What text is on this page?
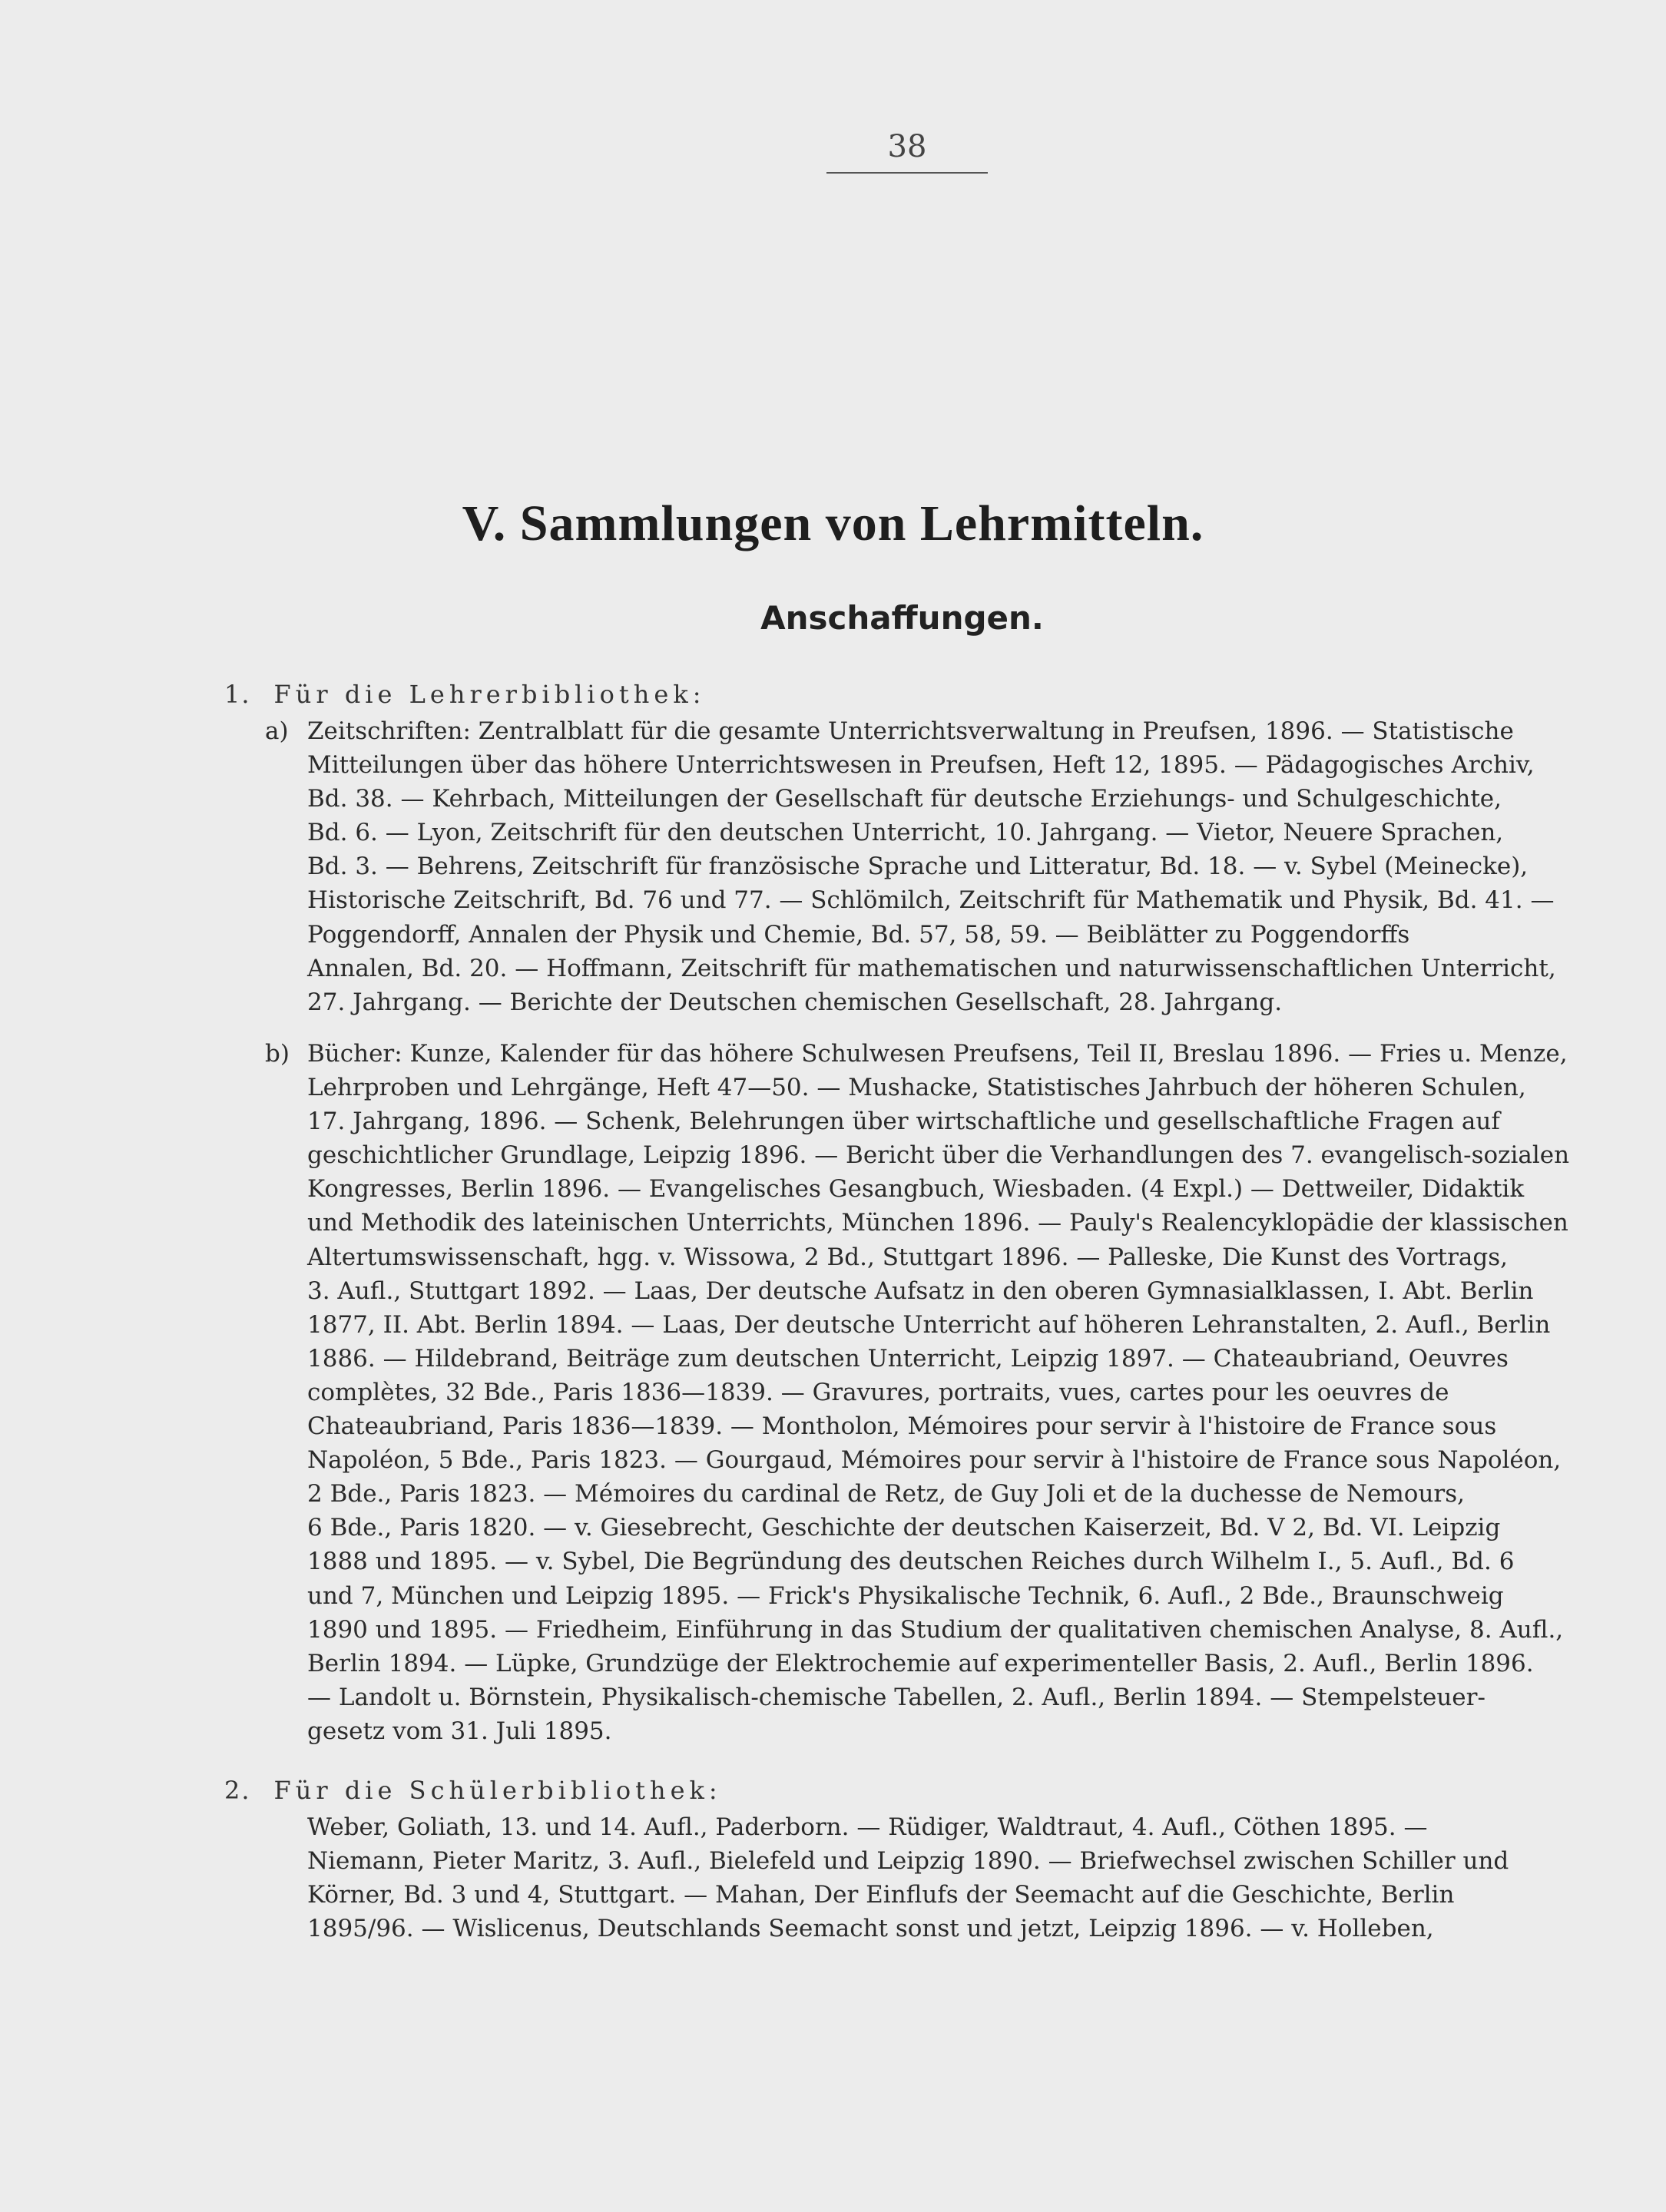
38
V. Sammlungen von Lehrmitteln.
Anschaffungen.
1. Für die Lehrerbibliothek:
a) Zeitschriften: Zentralblatt für die gesamte Unterrichtsverwaltung in Preufsen, 1896. — Statistische
Mitteilungen über das höhere Unterrichtswesen in Preufsen, Heft 12, 1895. — Pädagogisches Archiv,
Bd. 38. — Kehrbach, Mitteilungen der Gesellschaft für deutsche Erziehungs- und Schulgeschichte,
Bd. 6. — Lyon, Zeitschrift für den deutschen Unterricht, 10. Jahrgang. — Vietor, Neuere Sprachen,
Bd. 3. — Behrens, Zeitschrift für französische Sprache und Litteratur, Bd. 18. — v. Sybel (Meinecke),
Historische Zeitschrift, Bd. 76 und 77. — Schlömilch, Zeitschrift für Mathematik und Physik, Bd. 41. —
Poggendorff, Annalen der Physik und Chemie, Bd. 57, 58, 59. — Beiblätter zu Poggendorffs
Annalen, Bd. 20. — Hoffmann, Zeitschrift für mathematischen und naturwissenschaftlichen Unterricht,
27. Jahrgang. — Berichte der Deutschen chemischen Gesellschaft, 28. Jahrgang.
b) Bücher: Kunze, Kalender für das höhere Schulwesen Preufsens, Teil II, Breslau 1896. — Fries u. Menze,
Lehrproben und Lehrgänge, Heft 47—50. — Mushacke, Statistisches Jahrbuch der höheren Schulen,
17. Jahrgang, 1896. — Schenk, Belehrungen über wirtschaftliche und gesellschaftliche Fragen auf
geschichtlicher Grundlage, Leipzig 1896. — Bericht über die Verhandlungen des 7. evangelisch-sozialen
Kongresses, Berlin 1896. — Evangelisches Gesangbuch, Wiesbaden. (4 Expl.) — Dettweiler, Didaktik
und Methodik des lateinischen Unterrichts, München 1896. — Pauly's Realencyklopädie der klassischen
Altertumswissenschaft, hgg. v. Wissowa, 2 Bd., Stuttgart 1896. — Palleske, Die Kunst des Vortrags,
3. Aufl., Stuttgart 1892. — Laas, Der deutsche Aufsatz in den oberen Gymnasialklassen, I. Abt. Berlin
1877, II. Abt. Berlin 1894. — Laas, Der deutsche Unterricht auf höheren Lehranstalten, 2. Aufl., Berlin
1886. — Hildebrand, Beiträge zum deutschen Unterricht, Leipzig 1897. — Chateaubriand, Oeuvres
complètes, 32 Bde., Paris 1836—1839. — Gravures, portraits, vues, cartes pour les oeuvres de
Chateaubriand, Paris 1836—1839. — Montholon, Mémoires pour servir à l'histoire de France sous
Napoléon, 5 Bde., Paris 1823. — Gourgaud, Mémoires pour servir à l'histoire de France sous Napoléon,
2 Bde., Paris 1823. — Mémoires du cardinal de Retz, de Guy Joli et de la duchesse de Nemours,
6 Bde., Paris 1820. — v. Giesebrecht, Geschichte der deutschen Kaiserzeit, Bd. V 2, Bd. VI. Leipzig
1888 und 1895. — v. Sybel, Die Begründung des deutschen Reiches durch Wilhelm I., 5. Aufl., Bd. 6
und 7, München und Leipzig 1895. — Frick's Physikalische Technik, 6. Aufl., 2 Bde., Braunschweig
1890 und 1895. — Friedheim, Einführung in das Studium der qualitativen chemischen Analyse, 8. Aufl.,
Berlin 1894. — Lüpke, Grundzüge der Elektrochemie auf experimenteller Basis, 2. Aufl., Berlin 1896.
— Landolt u. Börnstein, Physikalisch-chemische Tabellen, 2. Aufl., Berlin 1894. — Stempelsteuer-
gesetz vom 31. Juli 1895.
2. Für die Schülerbibliothek:
Weber, Goliath, 13. und 14. Aufl., Paderborn. — Rüdiger, Waldtraut, 4. Aufl., Cöthen 1895. —
Niemann, Pieter Maritz, 3. Aufl., Bielefeld und Leipzig 1890. — Briefwechsel zwischen Schiller und
Körner, Bd. 3 und 4, Stuttgart. — Mahan, Der Einflufs der Seemacht auf die Geschichte, Berlin
1895/96. — Wislicenus, Deutschlands Seemacht sonst und jetzt, Leipzig 1896. — v. Holleben,
